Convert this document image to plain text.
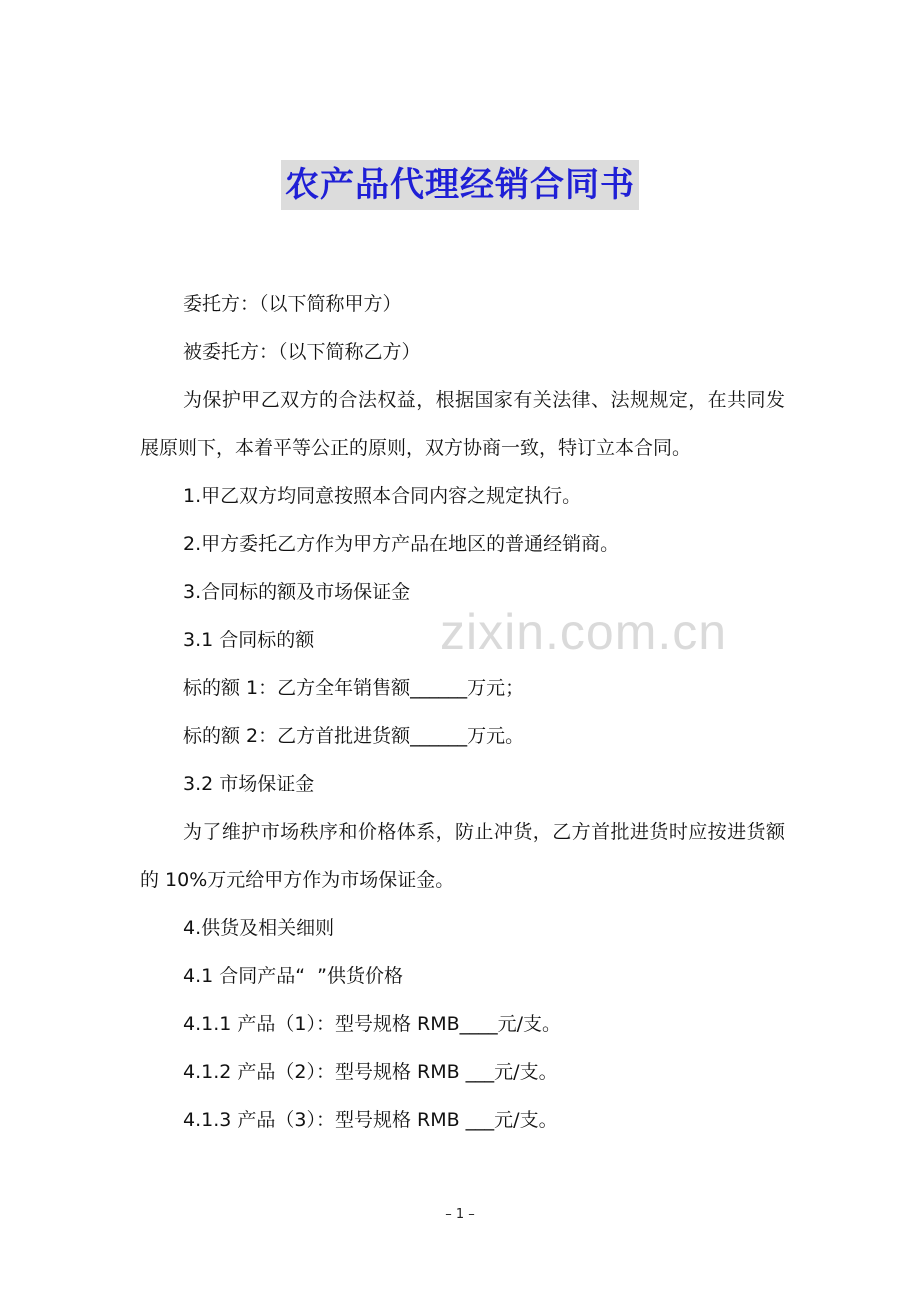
农产品代理经销合同书

委托方：（以下简称甲方）

被委托方：（以下简称乙方）

为保护甲乙双方的合法权益，根据国家有关法律、法规规定，在共同发展原则下，本着平等公正的原则，双方协商一致，特订立本合同。

1.甲乙双方均同意按照本合同内容之规定执行。

2.甲方委托乙方作为甲方产品在地区的普通经销商。

3.合同标的额及市场保证金

3.1 合同标的额

标的额 1：乙方全年销售额______万元；

标的额 2：乙方首批进货额______万元。

3.2 市场保证金

为了维护市场秩序和价格体系，防止冲货，乙方首批进货时应按进货额的 10%万元给甲方作为市场保证金。

4.供货及相关细则

4.1 合同产品“  ”供货价格

4.1.1 产品（1）：型号规格 RMB____元/支。

4.1.2 产品（2）：型号规格 RMB ___元/支。

4.1.3 产品（3）：型号规格 RMB ___元/支。

zixin.com.cn
– 1 –
